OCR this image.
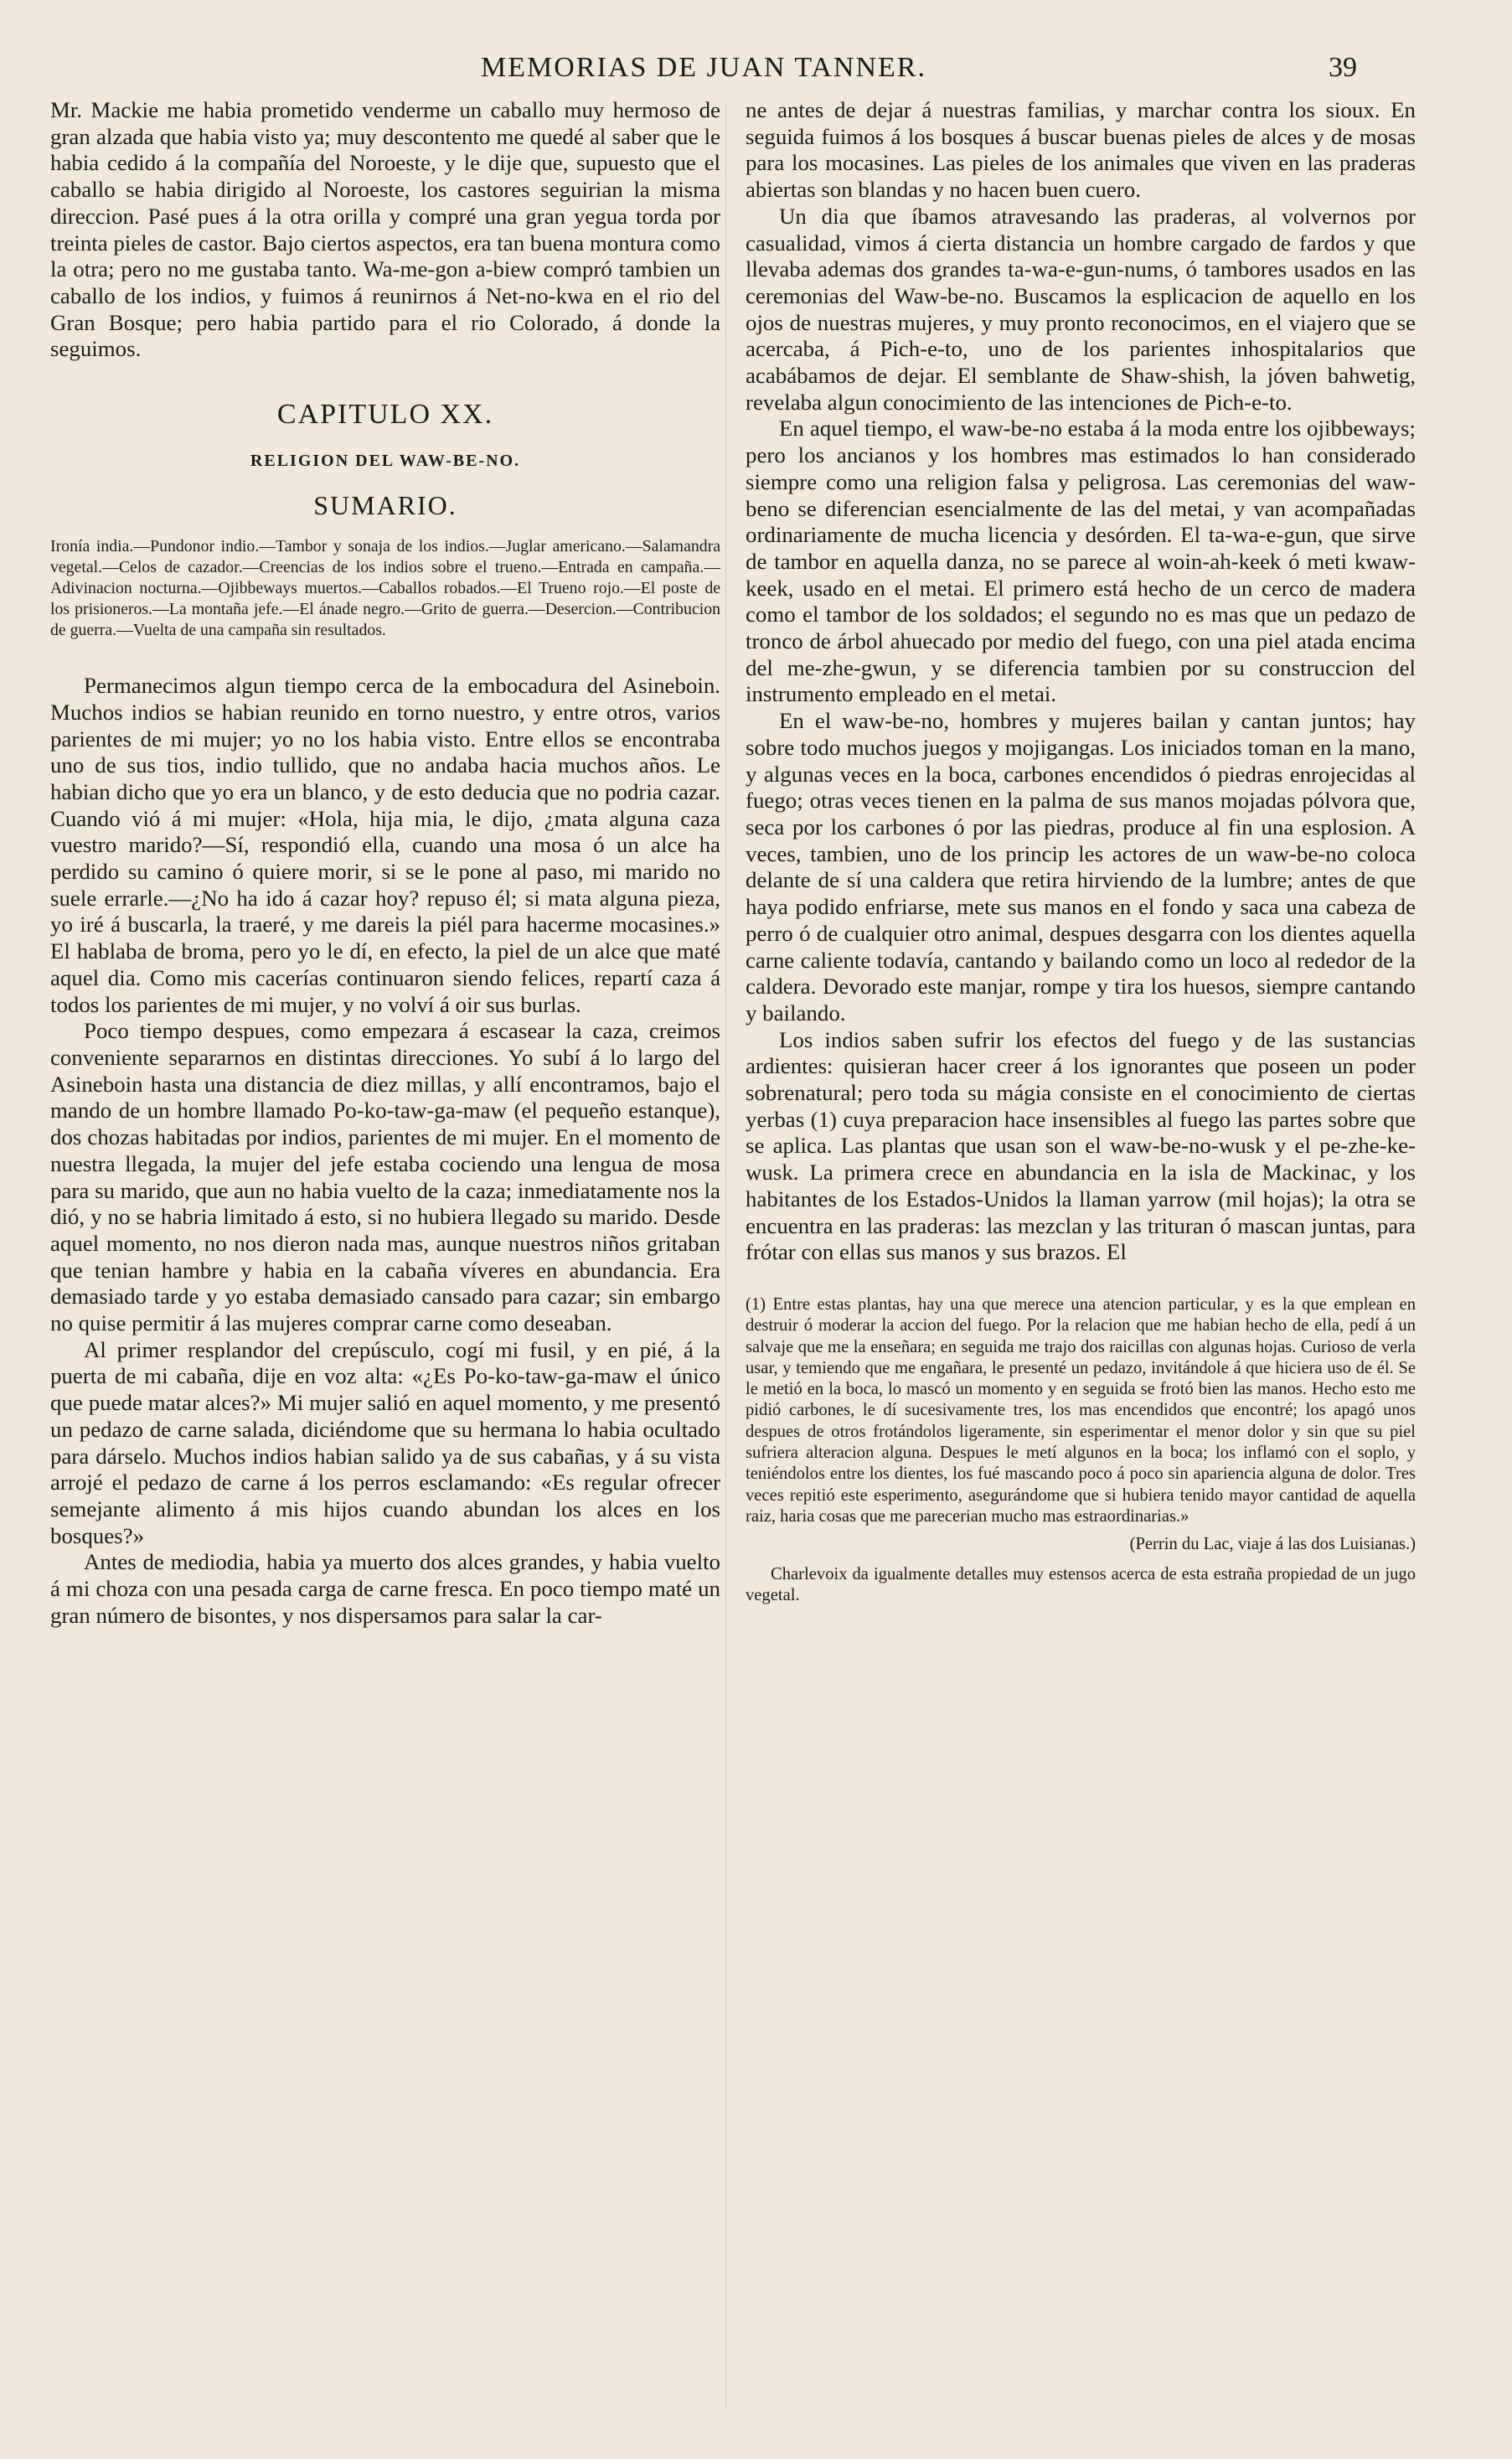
MEMORIAS DE JUAN TANNER.	39

Mr. Mackie me habia prometido venderme un caballo muy hermoso de gran alzada que habia visto ya; muy descontento me quedé al saber que le habia cedido á la compañía del Noroeste, y le dije que, supuesto que el caballo se habia dirigido al Noroeste, los castores seguirian la misma direccion. Pasé pues á la otra orilla y compré una gran yegua torda por treinta pieles de castor. Bajo ciertos aspectos, era tan buena montura como la otra; pero no me gustaba tanto. Wa-me-gon a-biew compró tambien un caballo de los indios, y fuimos á reunirnos á Net-no-kwa en el rio del Gran Bosque; pero habia partido para el rio Colorado, á donde la seguimos.

CAPITULO XX.
RELIGION DEL WAW-BE-NO.
SUMARIO.
Ironía india.—Pundonor indio.—Tambor y sonaja de los indios.—Juglar americano.—Salamandra vegetal.—Celos de cazador.—Creencias de los indios sobre el trueno.—Entrada en campaña.—Adivinacion nocturna.—Ojibbeways muertos.—Caballos robados.—El Trueno rojo.—El poste de los prisioneros.—La montaña jefe.—El ánade negro.—Grito de guerra.—Desercion.—Contribucion de guerra.—Vuelta de una campaña sin resultados.

Permanecimos algun tiempo cerca de la embocadura del Asineboin. Muchos indios se habian reunido en torno nuestro, y entre otros, varios parientes de mi mujer; yo no los habia visto. Entre ellos se encontraba uno de sus tios, indio tullido, que no andaba hacia muchos años. Le habian dicho que yo era un blanco, y de esto deducia que no podria cazar. Cuando vió á mi mujer: «Hola, hija mia, le dijo, ¿mata alguna caza vuestro marido?—Sí, respondió ella, cuando una mosa ó un alce ha perdido su camino ó quiere morir, si se le pone al paso, mi marido no suele errarle.—¿No ha ido á cazar hoy? repuso él; si mata alguna pieza, yo iré á buscarla, la traeré, y me dareis la piél para hacerme mocasines.» El hablaba de broma, pero yo le dí, en efecto, la piel de un alce que maté aquel dia. Como mis cacerías continuaron siendo felices, repartí caza á todos los parientes de mi mujer, y no volví á oir sus burlas.

Poco tiempo despues, como empezara á escasear la caza, creimos conveniente separarnos en distintas direcciones. Yo subí á lo largo del Asineboin hasta una distancia de diez millas, y allí encontramos, bajo el mando de un hombre llamado Po-ko-taw-ga-maw (el pequeño estanque), dos chozas habitadas por indios, parientes de mi mujer. En el momento de nuestra llegada, la mujer del jefe estaba cociendo una lengua de mosa para su marido, que aun no habia vuelto de la caza; inmediatamente nos la dió, y no se habria limitado á esto, si no hubiera llegado su marido. Desde aquel momento, no nos dieron nada mas, aunque nuestros niños gritaban que tenian hambre y habia en la cabaña víveres en abundancia. Era demasiado tarde y yo estaba demasiado cansado para cazar; sin embargo no quise permitir á las mujeres comprar carne como deseaban.

Al primer resplandor del crepúsculo, cogí mi fusil, y en pié, á la puerta de mi cabaña, dije en voz alta: «¿Es Po-ko-taw-ga-maw el único que puede matar alces?» Mi mujer salió en aquel momento, y me presentó un pedazo de carne salada, diciéndome que su hermana lo habia ocultado para dárselo. Muchos indios habian salido ya de sus cabañas, y á su vista arrojé el pedazo de carne á los perros esclamando: «Es regular ofrecer semejante alimento á mis hijos cuando abundan los alces en los bosques?»

Antes de mediodia, habia ya muerto dos alces grandes, y habia vuelto á mi choza con una pesada carga de carne fresca. En poco tiempo maté un gran número de bisontes, y nos dispersamos para salar la car-

ne antes de dejar á nuestras familias, y marchar contra los sioux. En seguida fuimos á los bosques á buscar buenas pieles de alces y de mosas para los mocasines. Las pieles de los animales que viven en las praderas abiertas son blandas y no hacen buen cuero.

Un dia que íbamos atravesando las praderas, al volvernos por casualidad, vimos á cierta distancia un hombre cargado de fardos y que llevaba ademas dos grandes ta-wa-e-gun-nums, ó tambores usados en las ceremonias del Waw-be-no. Buscamos la esplicacion de aquello en los ojos de nuestras mujeres, y muy pronto reconocimos, en el viajero que se acercaba, á Pich-e-to, uno de los parientes inhospitalarios que acabábamos de dejar. El semblante de Shaw-shish, la jóven bahwetig, revelaba algun conocimiento de las intenciones de Pich-e-to.

En aquel tiempo, el waw-be-no estaba á la moda entre los ojibbeways; pero los ancianos y los hombres mas estimados lo han considerado siempre como una religion falsa y peligrosa. Las ceremonias del waw-beno se diferencian esencialmente de las del metai, y van acompañadas ordinariamente de mucha licencia y desórden. El ta-wa-e-gun, que sirve de tambor en aquella danza, no se parece al woin-ah-keek ó meti kwaw-keek, usado en el metai. El primero está hecho de un cerco de madera como el tambor de los soldados; el segundo no es mas que un pedazo de tronco de árbol ahuecado por medio del fuego, con una piel atada encima del me-zhe-gwun, y se diferencia tambien por su construccion del instrumento empleado en el metai.

En el waw-be-no, hombres y mujeres bailan y cantan juntos; hay sobre todo muchos juegos y mojigangas. Los iniciados toman en la mano, y algunas veces en la boca, carbones encendidos ó piedras enrojecidas al fuego; otras veces tienen en la palma de sus manos mojadas pólvora que, seca por los carbones ó por las piedras, produce al fin una esplosion. A veces, tambien, uno de los princip les actores de un waw-be-no coloca delante de sí una caldera que retira hirviendo de la lumbre; antes de que haya podido enfriarse, mete sus manos en el fondo y saca una cabeza de perro ó de cualquier otro animal, despues desgarra con los dientes aquella carne caliente todavía, cantando y bailando como un loco al rededor de la caldera. Devorado este manjar, rompe y tira los huesos, siempre cantando y bailando.

Los indios saben sufrir los efectos del fuego y de las sustancias ardientes: quisieran hacer creer á los ignorantes que poseen un poder sobrenatural; pero toda su mágia consiste en el conocimiento de ciertas yerbas (1) cuya preparacion hace insensibles al fuego las partes sobre que se aplica. Las plantas que usan son el waw-be-no-wusk y el pe-zhe-ke-wusk. La primera crece en abundancia en la isla de Mackinac, y los habitantes de los Estados-Unidos la llaman yarrow (mil hojas); la otra se encuentra en las praderas: las mezclan y las trituran ó mascan juntas, para frótar con ellas sus manos y sus brazos. El

(1) Entre estas plantas, hay una que merece una atencion particular, y es la que emplean en destruir ó moderar la accion del fuego. Por la relacion que me habian hecho de ella, pedí á un salvaje que me la enseñara; en seguida me trajo dos raicillas con algunas hojas. Curioso de verla usar, y temiendo que me engañara, le presenté un pedazo, invitándole á que hiciera uso de él. Se le metió en la boca, lo mascó un momento y en seguida se frotó bien las manos. Hecho esto me pidió carbones, le dí sucesivamente tres, los mas encendidos que encontré; los apagó unos despues de otros frotándolos ligeramente, sin esperimentar el menor dolor y sin que su piel sufriera alteracion alguna. Despues le metí algunos en la boca; los inflamó con el soplo, y teniéndolos entre los dientes, los fué mascando poco á poco sin apariencia alguna de dolor. Tres veces repitió este esperimento, asegurándome que si hubiera tenido mayor cantidad de aquella raiz, haria cosas que me parecerian mucho mas estraordinarias.»

(Perrin du Lac, viaje á las dos Luisianas.)

Charlevoix da igualmente detalles muy estensos acerca de esta estraña propiedad de un jugo vegetal.
